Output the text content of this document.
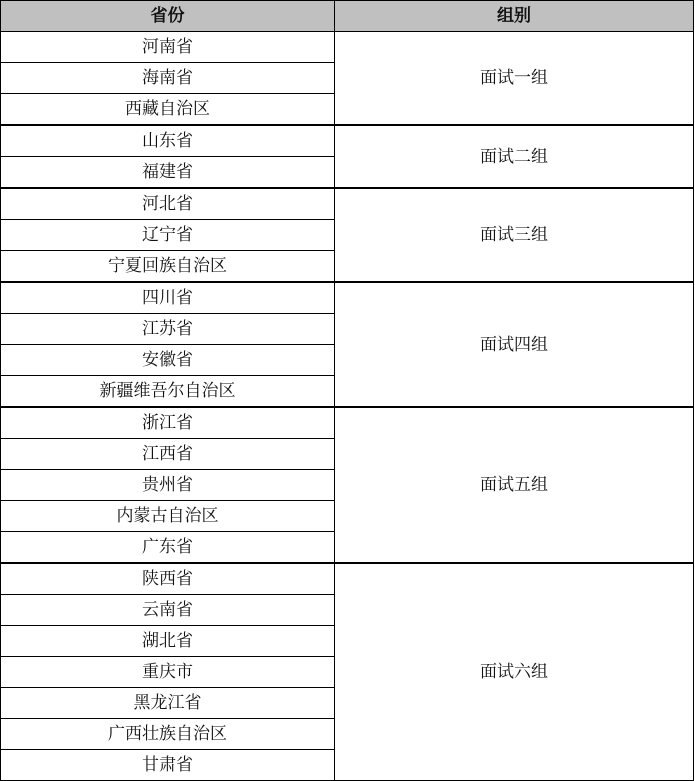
省份	组别
河南省	面试一组
海南省	
西藏自治区	
山东省	面试二组
福建省	
河北省	面试三组
辽宁省	
宁夏回族自治区	
四川省	面试四组
江苏省	
安徽省	
新疆维吾尔自治区	
浙江省	面试五组
江西省	
贵州省	
内蒙古自治区	
广东省	
陕西省	面试六组
云南省	
湖北省	
重庆市	
黑龙江省	
广西壮族自治区	
甘肃省	
